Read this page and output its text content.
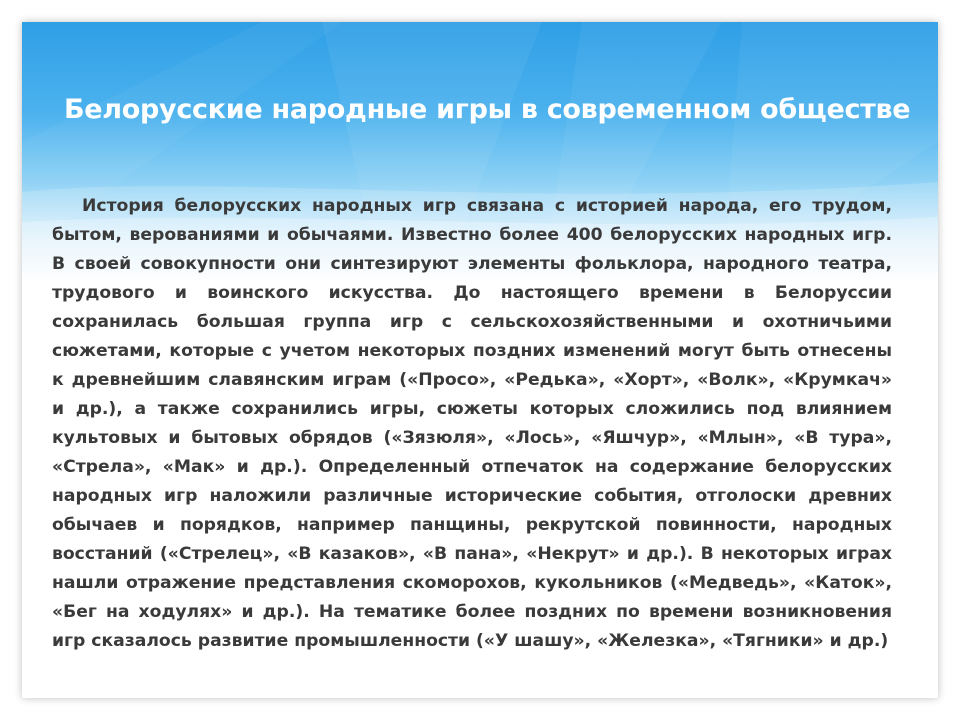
Белорусские народные игры в современном обществе

История белорусских народных игр связана с историей народа, его трудом, бытом, верованиями и обычаями. Известно более 400 белорусских народных игр. В своей совокупности они синтезируют элементы фольклора, народного театра, трудового и воинского искусства. До настоящего времени в Белоруссии сохранилась большая группа игр с сельскохозяйственными и охотничьими сюжетами, которые с учетом некоторых поздних изменений могут быть отнесены к древнейшим славянским играм («Просо», «Редька», «Хорт», «Волк», «Крумкач» и др.), а также сохранились игры, сюжеты которых сложились под влиянием культовых и бытовых обрядов («Зязюля», «Лось», «Яшчур», «Млын», «В тура», «Стрела», «Мак» и др.). Определенный отпечаток на содержание белорусских народных игр наложили различные исторические события, отголоски древних обычаев и порядков, например панщины, рекрутской повинности, народных восстаний («Стрелец», «В казаков», «В пана», «Некрут» и др.). В некоторых играх нашли отражение представления скоморохов, кукольников («Медведь», «Каток», «Бег на ходулях» и др.). На тематике более поздних по времени возникновения игр сказалось развитие промышленности («У шашу», «Железка», «Тягники» и др.)
